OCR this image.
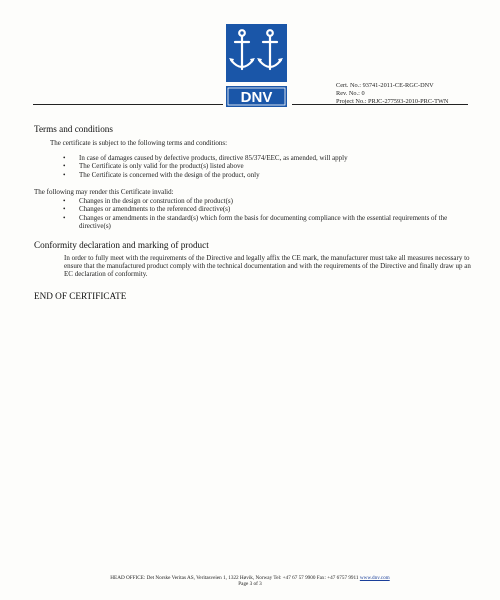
DNV
Cert. No.: 93741-2011-CE-RGC-DNV
Rev. No.: 0
Project No.: PRJC-277593-2010-PRC-TWN
Terms and conditions
The certificate is subject to the following terms and conditions:
• In case of damages caused by defective products, directive 85/374/EEC, as amended, will apply
• The Certificate is only valid for the product(s) listed above
• The Certificate is concerned with the design of the product, only
The following may render this Certificate invalid:
• Changes in the design or construction of the product(s)
• Changes or amendments to the referenced directive(s)
• Changes or amendments in the standard(s) which form the basis for documenting compliance with the essential requirements of the directive(s)
Conformity declaration and marking of product
In order to fully meet with the requirements of the Directive and legally affix the CE mark, the manufacturer must take all measures necessary to ensure that the manufactured product comply with the technical documentation and with the requirements of the Directive and finally draw up an EC declaration of conformity.
END OF CERTIFICATE
HEAD OFFICE: Det Norske Veritas AS, Veritasveien 1, 1322 Høvik, Norway Tel: +47 67 57 9900 Fax: +47 6757 9911 www.dnv.com
Page 3 of 3
